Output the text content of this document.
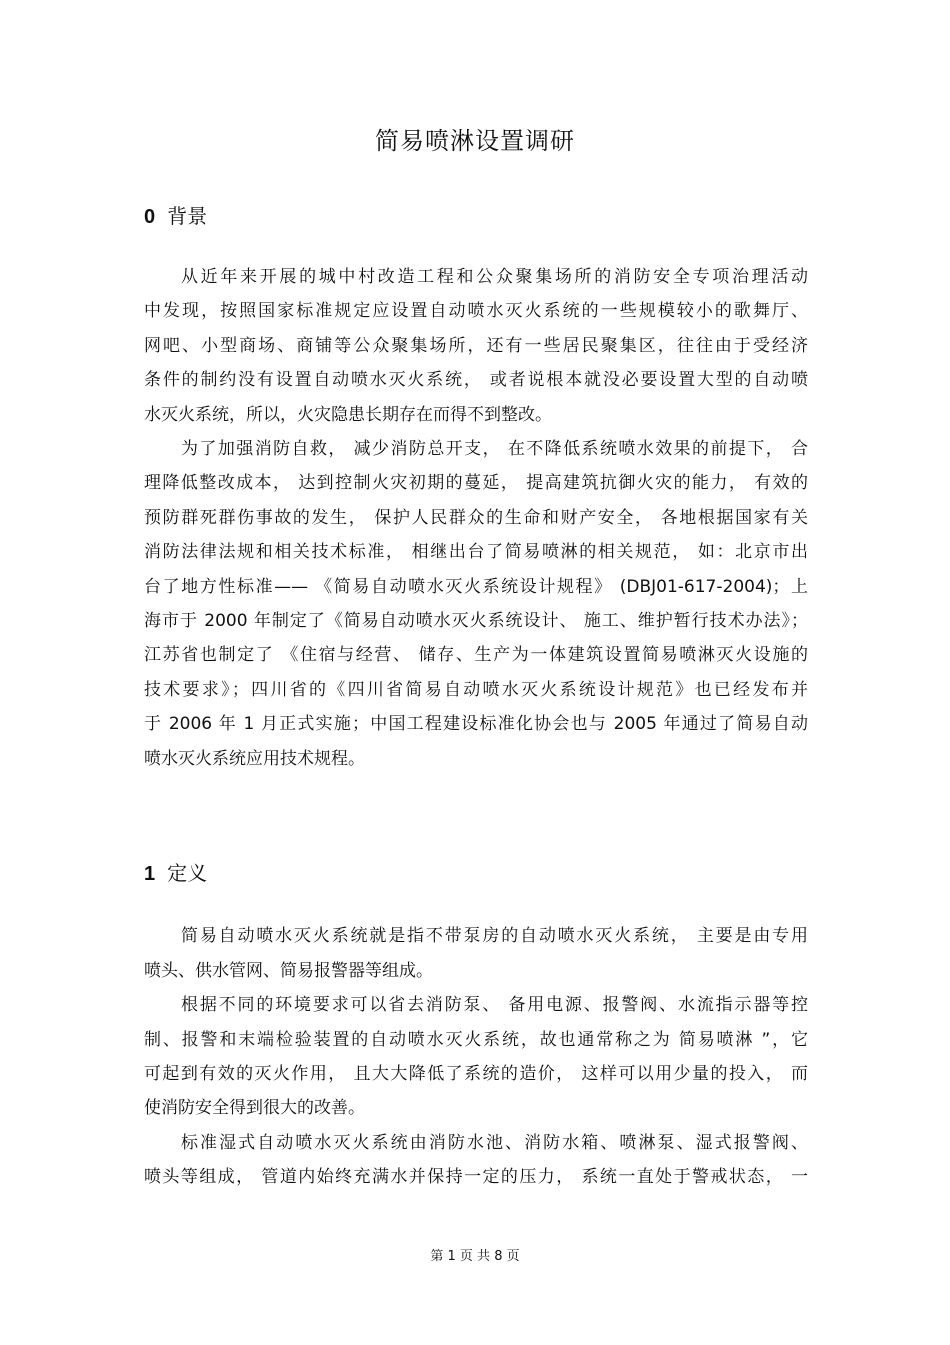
简易喷淋设置调研
0 背景
从近年来开展的城中村改造工程和公众聚集场所的消防安全专项治理活动
中发现，按照国家标准规定应设置自动喷水灭火系统的一些规模较小的歌舞厅、
网吧、小型商场、商铺等公众聚集场所，还有一些居民聚集区，往往由于受经济
条件的制约没有设置自动喷水灭火系统， 或者说根本就没必要设置大型的自动喷
水灭火系统，所以，火灾隐患长期存在而得不到整改。
为了加强消防自救， 减少消防总开支， 在不降低系统喷水效果的前提下， 合
理降低整改成本， 达到控制火灾初期的蔓延， 提高建筑抗御火灾的能力， 有效的
预防群死群伤事故的发生， 保护人民群众的生命和财产安全， 各地根据国家有关
消防法律法规和相关技术标准， 相继出台了简易喷淋的相关规范， 如：北京市出
台了地方性标准—— 《简易自动喷水灭火系统设计规程》 (DBJ01-617-2004)；上
海市于 2000 年制定了《简易自动喷水灭火系统设计、 施工、维护暂行技术办法》；
江苏省也制定了 《住宿与经营、 储存、生产为一体建筑设置简易喷淋灭火设施的
技术要求》；四川省的《四川省简易自动喷水灭火系统设计规范》也已经发布并
于 2006 年 1 月正式实施；中国工程建设标准化协会也与 2005 年通过了简易自动
喷水灭火系统应用技术规程。
1 定义
简易自动喷水灭火系统就是指不带泵房的自动喷水灭火系统， 主要是由专用
喷头、供水管网、简易报警器等组成。
根据不同的环境要求可以省去消防泵、 备用电源、报警阀、水流指示器等控
制、报警和末端检验装置的自动喷水灭火系统，故也通常称之为 简易喷淋 ”，它
可起到有效的灭火作用， 且大大降低了系统的造价， 这样可以用少量的投入， 而
使消防安全得到很大的改善。
标准湿式自动喷水灭火系统由消防水池、消防水箱、喷淋泵、湿式报警阀、
喷头等组成， 管道内始终充满水并保持一定的压力， 系统一直处于警戒状态， 一
第 1 页 共 8 页
